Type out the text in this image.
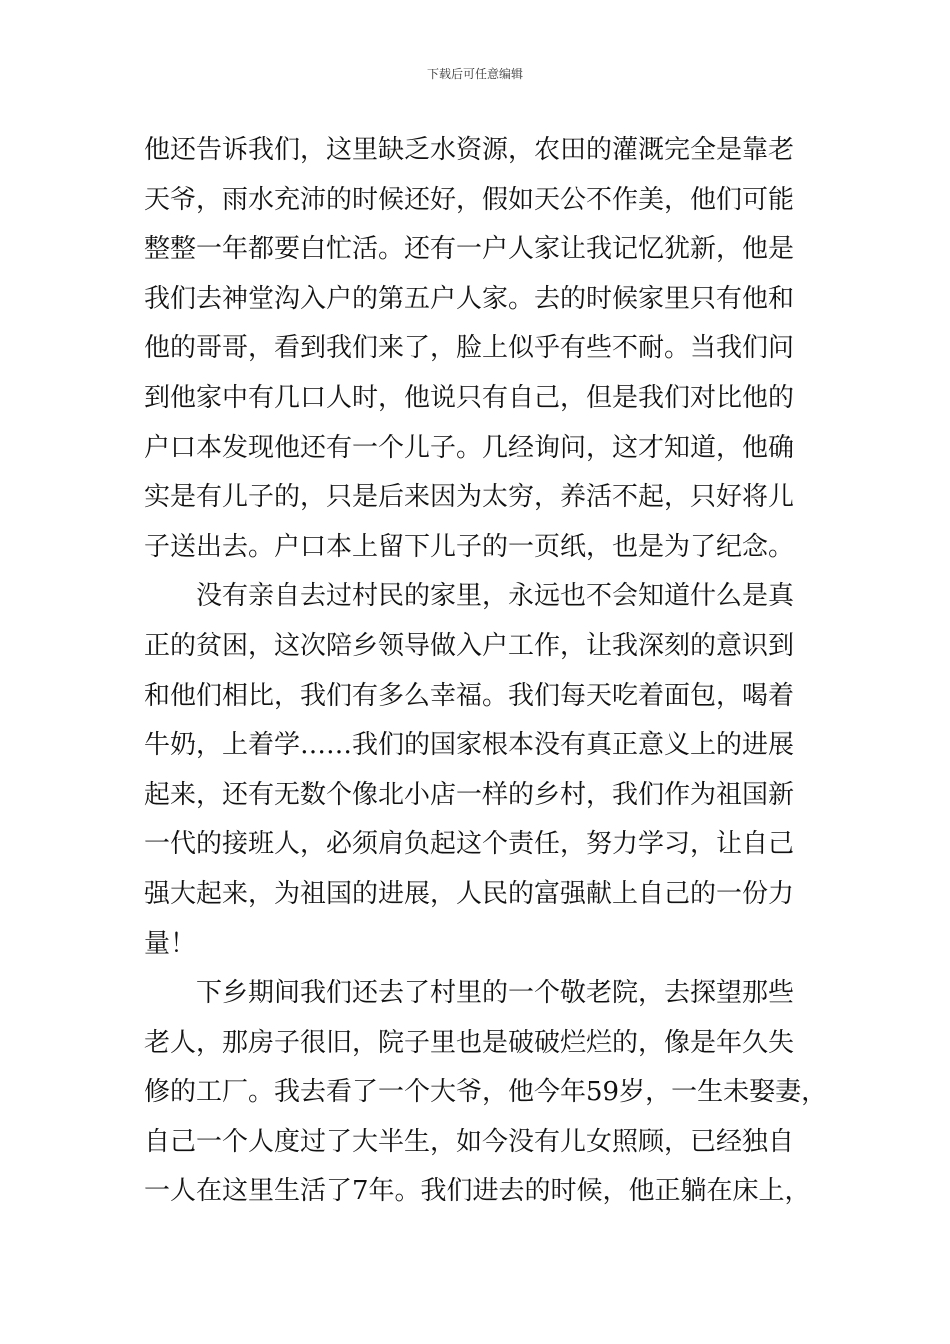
下载后可任意编辑
他还告诉我们，这里缺乏水资源，农田的灌溉完全是靠老
天爷，雨水充沛的时候还好，假如天公不作美，他们可能
整整一年都要白忙活。还有一户人家让我记忆犹新，他是
我们去神堂沟入户的第五户人家。去的时候家里只有他和
他的哥哥，看到我们来了，脸上似乎有些不耐。当我们问
到他家中有几口人时，他说只有自己，但是我们对比他的
户口本发现他还有一个儿子。几经询问，这才知道，他确
实是有儿子的，只是后来因为太穷，养活不起，只好将儿
子送出去。户口本上留下儿子的一页纸，也是为了纪念。
　　没有亲自去过村民的家里，永远也不会知道什么是真
正的贫困，这次陪乡领导做入户工作，让我深刻的意识到
和他们相比，我们有多么幸福。我们每天吃着面包，喝着
牛奶，上着学……我们的国家根本没有真正意义上的进展
起来，还有无数个像北小店一样的乡村，我们作为祖国新
一代的接班人，必须肩负起这个责任，努力学习，让自己
强大起来，为祖国的进展，人民的富强献上自己的一份力
量！
　　下乡期间我们还去了村里的一个敬老院，去探望那些
老人，那房子很旧，院子里也是破破烂烂的，像是年久失
修的工厂。我去看了一个大爷，他今年59岁，一生未娶妻，
自己一个人度过了大半生，如今没有儿女照顾，已经独自
一人在这里生活了7年。我们进去的时候，他正躺在床上，
